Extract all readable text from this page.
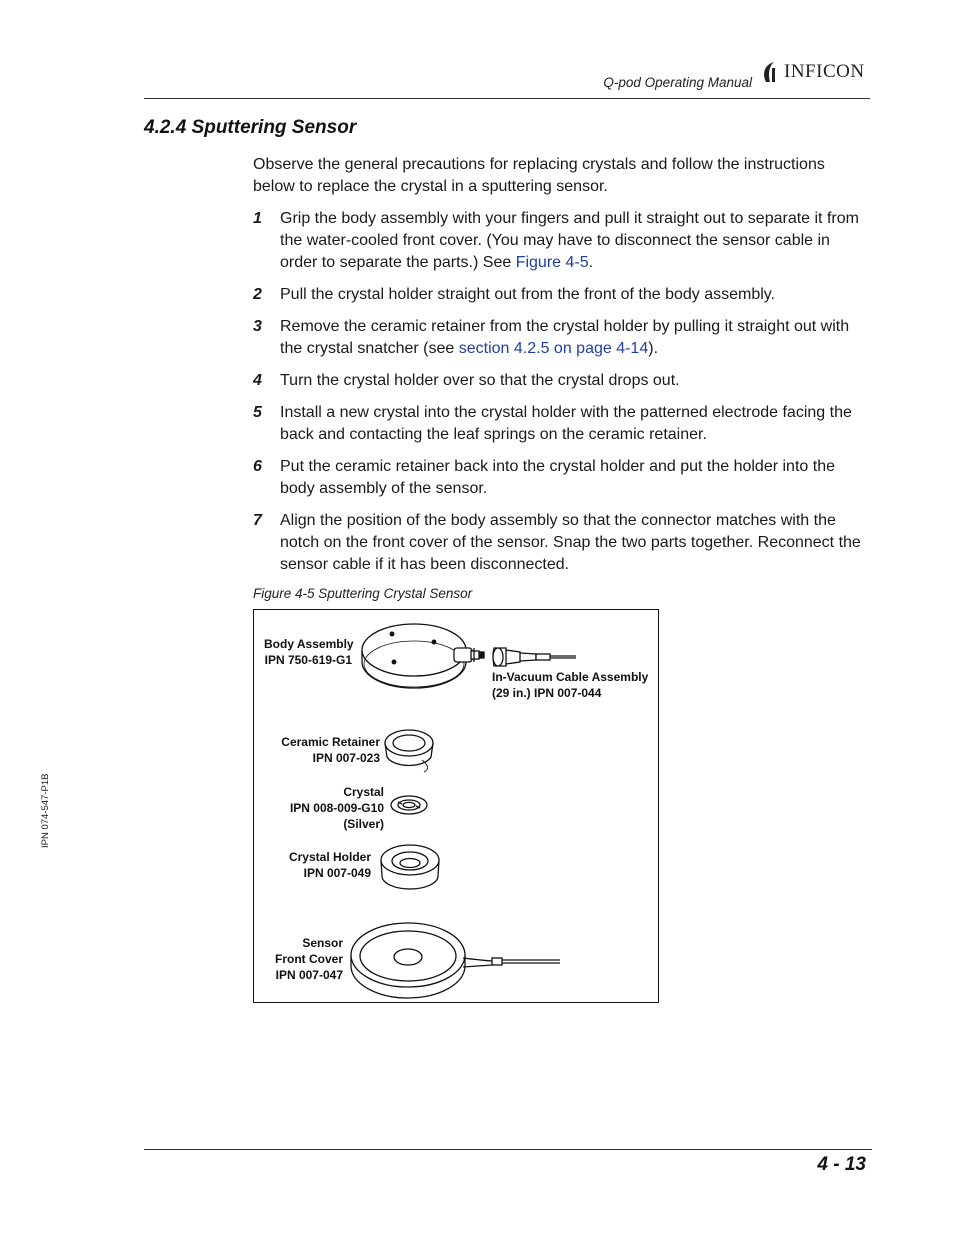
Q-pod Operating Manual
INFICON
4.2.4 Sputtering Sensor
Observe the general precautions for replacing crystals and follow the instructions below to replace the crystal in a sputtering sensor.
1	Grip the body assembly with your fingers and pull it straight out to separate it from the water-cooled front cover. (You may have to disconnect the sensor cable in order to separate the parts.) See Figure 4-5.
2	Pull the crystal holder straight out from the front of the body assembly.
3	Remove the ceramic retainer from the crystal holder by pulling it straight out with the crystal snatcher (see section 4.2.5 on page 4-14).
4	Turn the crystal holder over so that the crystal drops out.
5	Install a new crystal into the crystal holder with the patterned electrode facing the back and contacting the leaf springs on the ceramic retainer.
6	Put the ceramic retainer back into the crystal holder and put the holder into the body assembly of the sensor.
7	Align the position of the body assembly so that the connector matches with the notch on the front cover of the sensor. Snap the two parts together. Reconnect the sensor cable if it has been disconnected.
Figure 4-5 Sputtering Crystal Sensor
Body Assembly
IPN 750-619-G1
In-Vacuum Cable Assembly
(29 in.) IPN 007-044
Ceramic Retainer
IPN 007-023
Crystal
IPN 008-009-G10
(Silver)
Crystal Holder
IPN 007-049
Sensor
Front Cover
IPN 007-047
IPN 074-547-P1B
4 - 13
